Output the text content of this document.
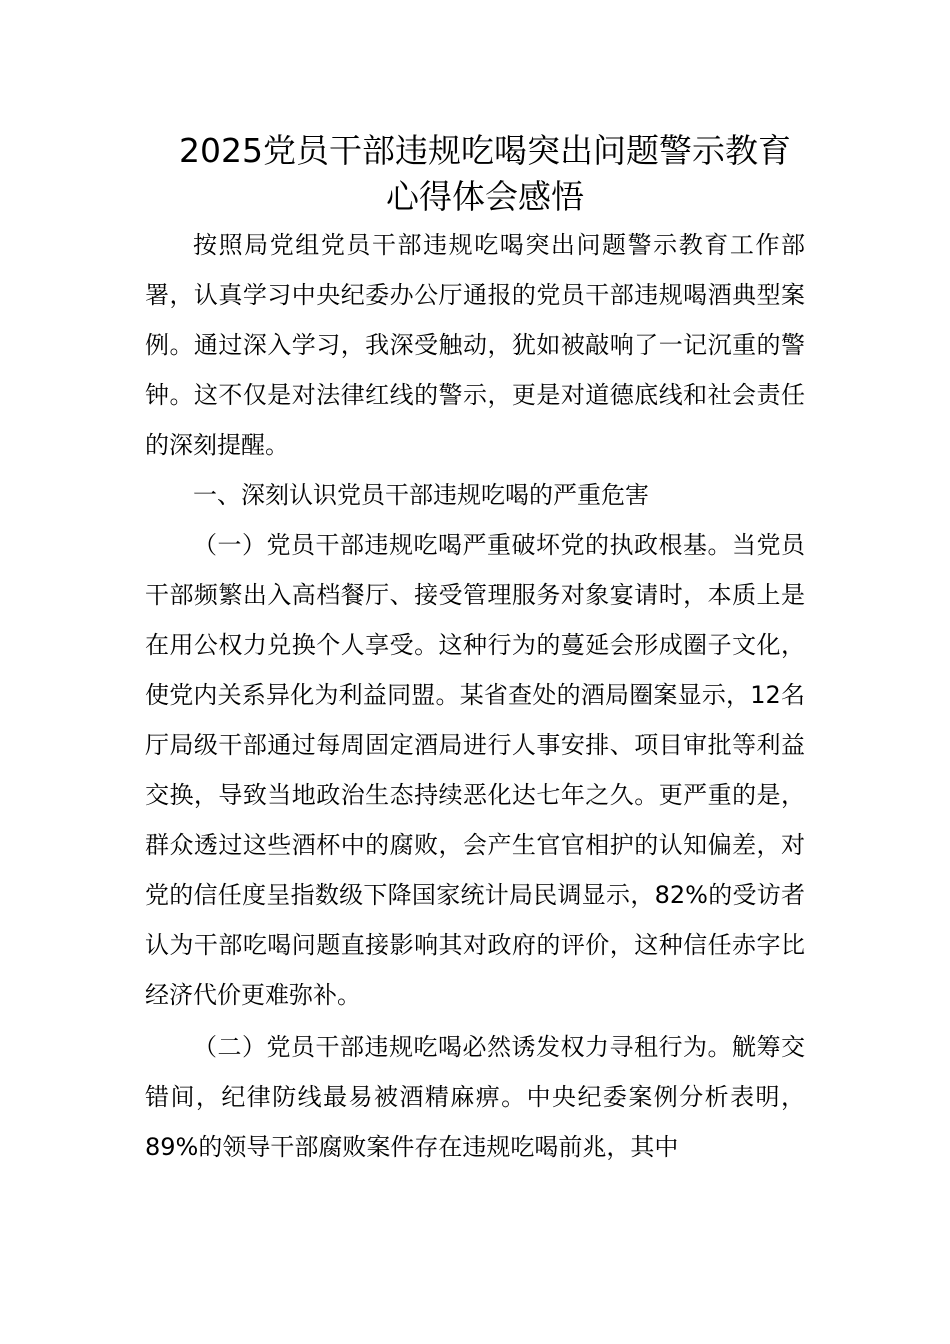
2025党员干部违规吃喝突出问题警示教育心得体会感悟

按照局党组党员干部违规吃喝突出问题警示教育工作部署，认真学习中央纪委办公厅通报的党员干部违规喝酒典型案例。通过深入学习，我深受触动，犹如被敲响了一记沉重的警钟。这不仅是对法律红线的警示，更是对道德底线和社会责任的深刻提醒。

一、深刻认识党员干部违规吃喝的严重危害

（一）党员干部违规吃喝严重破坏党的执政根基。当党员干部频繁出入高档餐厅、接受管理服务对象宴请时，本质上是在用公权力兑换个人享受。这种行为的蔓延会形成圈子文化，使党内关系异化为利益同盟。某省查处的酒局圈案显示，12名厅局级干部通过每周固定酒局进行人事安排、项目审批等利益交换，导致当地政治生态持续恶化达七年之久。更严重的是，群众透过这些酒杯中的腐败，会产生官官相护的认知偏差，对党的信任度呈指数级下降国家统计局民调显示，82%的受访者认为干部吃喝问题直接影响其对政府的评价，这种信任赤字比经济代价更难弥补。

（二）党员干部违规吃喝必然诱发权力寻租行为。觥筹交错间，纪律防线最易被酒精麻痹。中央纪委案例分析表明，89%的领导干部腐败案件存在违规吃喝前兆，其中
